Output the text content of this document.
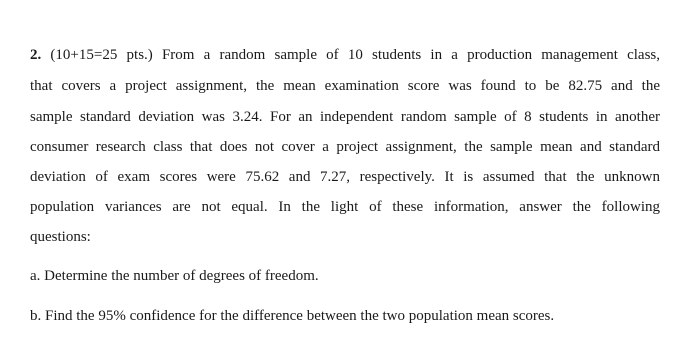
2. (10+15=25 pts.) From a random sample of 10 students in a production management class,
that covers a project assignment, the mean examination score was found to be 82.75 and the
sample standard deviation was 3.24. For an independent random sample of 8 students in another
consumer research class that does not cover a project assignment, the sample mean and standard
deviation of exam scores were 75.62 and 7.27, respectively. It is assumed that the unknown
population variances are not equal. In the light of these information, answer the following
questions:
a. Determine the number of degrees of freedom.
b. Find the 95% confidence for the difference between the two population mean scores.
